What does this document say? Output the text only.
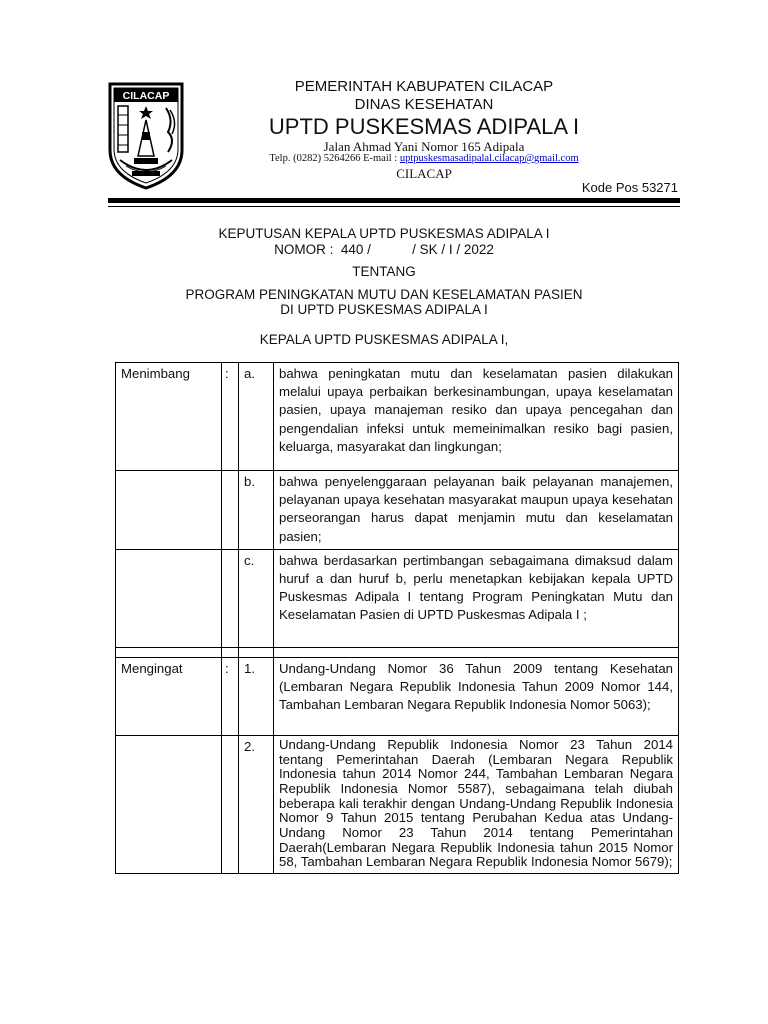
CILACAP
PEMERINTAH KABUPATEN CILACAP
DINAS KESEHATAN
UPTD PUSKESMAS ADIPALA I
Jalan Ahmad Yani Nomor 165 Adipala
Telp. (0282) 5264266 E-mail : uptpuskesmasadipalal.cilacap@gmail.com
CILACAP
Kode Pos 53271
KEPUTUSAN KEPALA UPTD PUSKESMAS ADIPALA I
NOMOR :  440 /           / SK / I / 2022
TENTANG
PROGRAM PENINGKATAN MUTU DAN KESELAMATAN PASIEN
DI UPTD PUSKESMAS ADIPALA I
KEPALA UPTD PUSKESMAS ADIPALA I,
Menimbang	:	a.	bahwa peningkatan mutu dan keselamatan pasien dilakukan melalui upaya perbaikan berkesinambungan, upaya keselamatan pasien, upaya manajeman resiko dan upaya pencegahan dan pengendalian infeksi untuk memeinimalkan resiko bagi pasien, keluarga, masyarakat dan lingkungan;
		b.	bahwa penyelenggaraan pelayanan baik pelayanan manajemen, pelayanan upaya kesehatan masyarakat maupun upaya kesehatan perseorangan harus dapat menjamin mutu dan keselamatan pasien;
		c.	bahwa berdasarkan pertimbangan sebagaimana dimaksud dalam huruf a dan huruf b, perlu menetapkan kebijakan kepala UPTD Puskesmas Adipala I tentang Program Peningkatan Mutu dan Keselamatan Pasien di UPTD Puskesmas Adipala I ;

Mengingat	:	1.	Undang-Undang Nomor 36 Tahun 2009 tentang Kesehatan (Lembaran Negara Republik Indonesia Tahun 2009 Nomor 144, Tambahan Lembaran Negara Republik Indonesia Nomor 5063);
		2.	Undang-Undang Republik Indonesia Nomor 23 Tahun 2014 tentang Pemerintahan Daerah (Lembaran Negara Republik Indonesia tahun 2014 Nomor 244, Tambahan Lembaran Negara Republik Indonesia Nomor 5587), sebagaimana telah diubah beberapa kali terakhir dengan Undang-Undang Republik Indonesia Nomor 9 Tahun 2015 tentang Perubahan Kedua atas Undang-Undang Nomor 23 Tahun 2014 tentang Pemerintahan Daerah(Lembaran Negara Republik Indonesia tahun 2015 Nomor 58, Tambahan Lembaran Negara Republik Indonesia Nomor 5679);
